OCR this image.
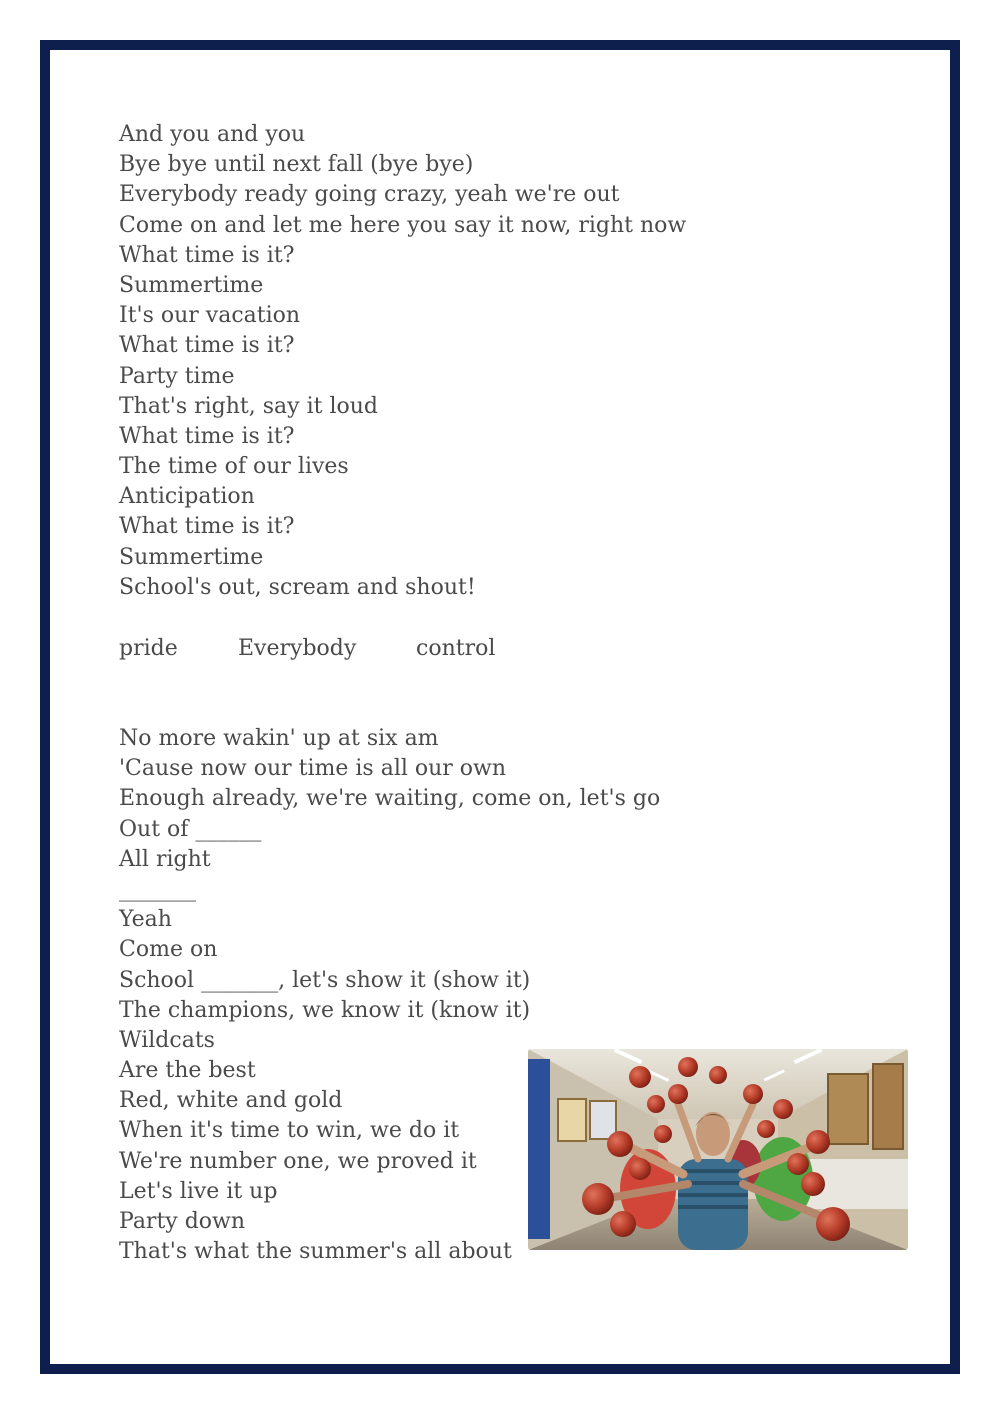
And you and you
Bye bye until next fall (bye bye)
Everybody ready going crazy, yeah we're out
Come on and let me here you say it now, right now
What time is it?
Summertime
It's our vacation
What time is it?
Party time
That's right, say it loud
What time is it?
The time of our lives
Anticipation
What time is it?
Summertime
School's out, scream and shout!
pride	Everybody	control
No more wakin' up at six am
'Cause now our time is all our own
Enough already, we're waiting, come on, let's go
Out of ______
All right
_______
Yeah
Come on
School _______, let's show it (show it)
The champions, we know it (know it)
Wildcats
Are the best
Red, white and gold
When it's time to win, we do it
We're number one, we proved it
Let's live it up
Party down
That's what the summer's all about
